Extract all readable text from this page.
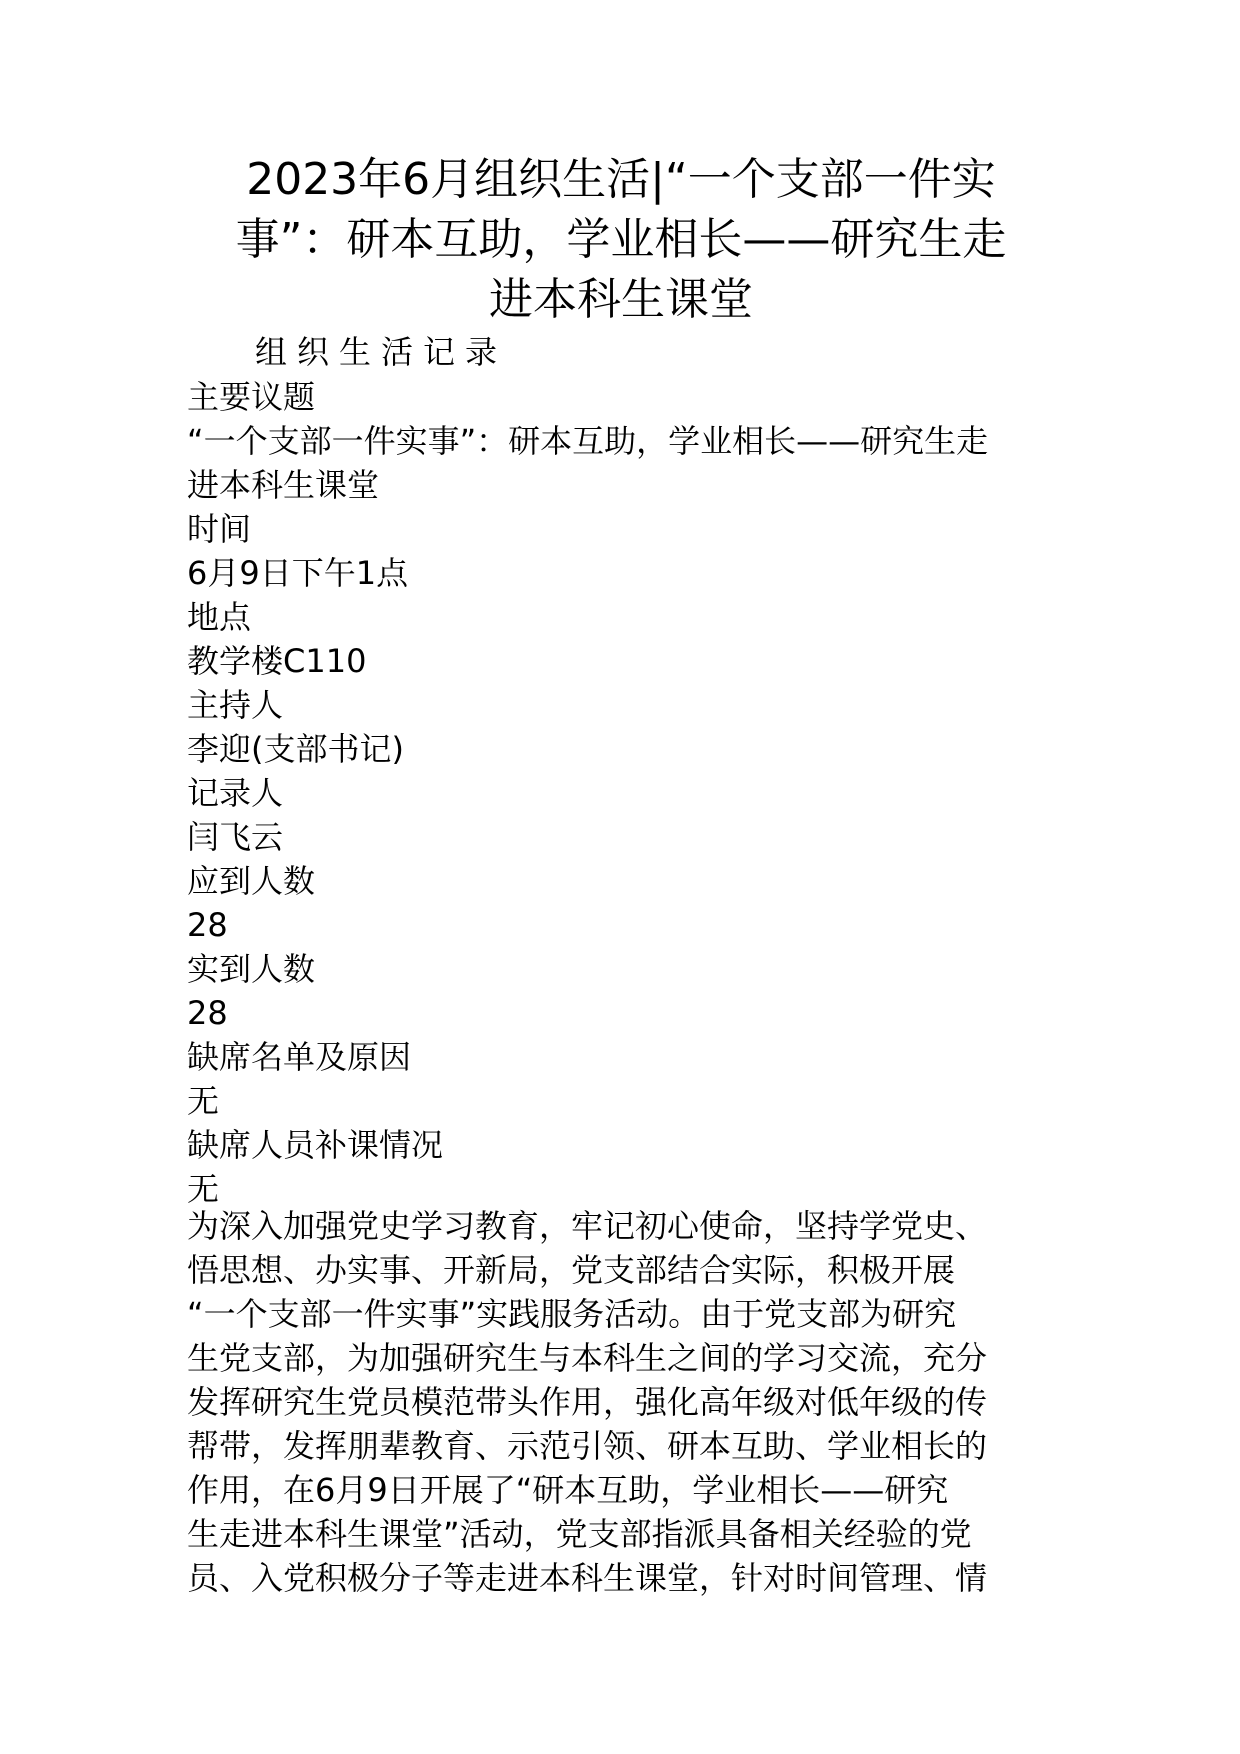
2023年6月组织生活|“一个支部一件实
事”：研本互助，学业相长——研究生走
进本科生课堂
组织生活记录
主要议题
“一个支部一件实事”：研本互助，学业相长——研究生走
进本科生课堂
时间
6月9日下午1点
地点
教学楼C110
主持人
李迎(支部书记)
记录人
闫飞云
应到人数
28
实到人数
28
缺席名单及原因
无
缺席人员补课情况
无
为深入加强党史学习教育，牢记初心使命，坚持学党史、
悟思想、办实事、开新局，党支部结合实际，积极开展
“一个支部一件实事”实践服务活动。由于党支部为研究
生党支部，为加强研究生与本科生之间的学习交流，充分
发挥研究生党员模范带头作用，强化高年级对低年级的传
帮带，发挥朋辈教育、示范引领、研本互助、学业相长的
作用，在6月9日开展了“研本互助，学业相长——研究
生走进本科生课堂”活动，党支部指派具备相关经验的党
员、入党积极分子等走进本科生课堂，针对时间管理、情
